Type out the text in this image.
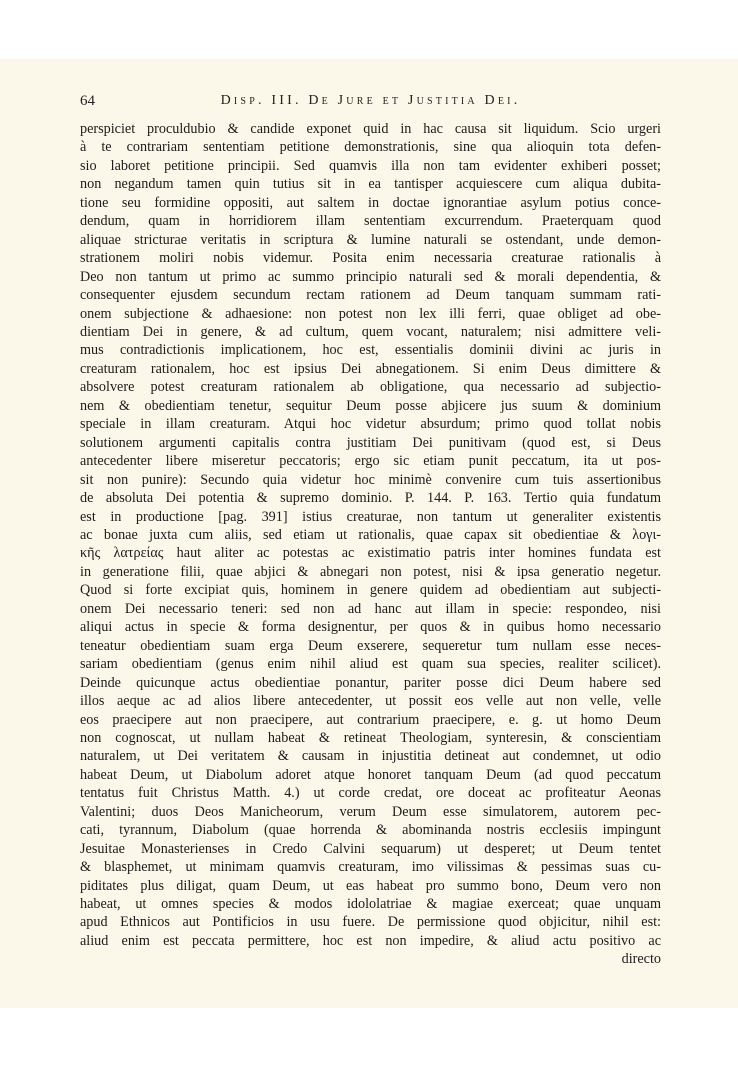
64	Disp. III. De Jure et Justitia Dei.
perspiciet proculdubio & candide exponet quid in hac causa sit liquidum. Scio urgeri
à te contrariam sententiam petitione demonstrationis, sine qua alioquin tota defen-
sio laboret petitione principii. Sed quamvis illa non tam evidenter exhiberi posset;
non negandum tamen quin tutius sit in ea tantisper acquiescere cum aliqua dubita-
tione seu formidine oppositi, aut saltem in doctae ignorantiae asylum potius conce-
dendum, quam in horridiorem illam sententiam excurrendum. Praeterquam quod
aliquae stricturae veritatis in scriptura & lumine naturali se ostendant, unde demon-
strationem moliri nobis videmur. Posita enim necessaria creaturae rationalis à
Deo non tantum ut primo ac summo principio naturali sed & morali dependentia, &
consequenter ejusdem secundum rectam rationem ad Deum tanquam summam rati-
onem subjectione & adhaesione: non potest non lex illi ferri, quae obliget ad obe-
dientiam Dei in genere, & ad cultum, quem vocant, naturalem; nisi admittere veli-
mus contradictionis implicationem, hoc est, essentialis dominii divini ac juris in
creaturam rationalem, hoc est ipsius Dei abnegationem. Si enim Deus dimittere &
absolvere potest creaturam rationalem ab obligatione, qua necessario ad subjectio-
nem & obedientiam tenetur, sequitur Deum posse abjicere jus suum & dominium
speciale in illam creaturam. Atqui hoc videtur absurdum; primo quod tollat nobis
solutionem argumenti capitalis contra justitiam Dei punitivam (quod est, si Deus
antecedenter libere miseretur peccatoris; ergo sic etiam punit peccatum, ita ut pos-
sit non punire): Secundo quia videtur hoc minimè convenire cum tuis assertionibus
de absoluta Dei potentia & supremo dominio. P. 144. P. 163. Tertio quia fundatum
est in productione [pag. 391] istius creaturae, non tantum ut generaliter existentis
ac bonae juxta cum aliis, sed etiam ut rationalis, quae capax sit obedientiae & λογι-
κῆς λατρείας haut aliter ac potestas ac existimatio patris inter homines fundata est
in generatione filii, quae abjici & abnegari non potest, nisi & ipsa generatio negetur.
Quod si forte excipiat quis, hominem in genere quidem ad obedientiam aut subjecti-
onem Dei necessario teneri: sed non ad hanc aut illam in specie: respondeo, nisi
aliqui actus in specie & forma designentur, per quos & in quibus homo necessario
teneatur obedientiam suam erga Deum exserere, sequeretur tum nullam esse neces-
sariam obedientiam (genus enim nihil aliud est quam sua species, realiter scilicet).
Deinde quicunque actus obedientiae ponantur, pariter posse dici Deum habere sed
illos aeque ac ad alios libere antecedenter, ut possit eos velle aut non velle, velle
eos praecipere aut non praecipere, aut contrarium praecipere, e. g. ut homo Deum
non cognoscat, ut nullam habeat & retineat Theologiam, synteresin, & conscientiam
naturalem, ut Dei veritatem & causam in injustitia detineat aut condemnet, ut odio
habeat Deum, ut Diabolum adoret atque honoret tanquam Deum (ad quod peccatum
tentatus fuit Christus Matth. 4.) ut corde credat, ore doceat ac profiteatur Aeonas
Valentini; duos Deos Manicheorum, verum Deum esse simulatorem, autorem pec-
cati, tyrannum, Diabolum (quae horrenda & abominanda nostris ecclesiis impingunt
Jesuitae Monasterienses in Credo Calvini sequarum) ut desperet; ut Deum tentet
& blasphemet, ut minimam quamvis creaturam, imo vilissimas & pessimas suas cu-
piditates plus diligat, quam Deum, ut eas habeat pro summo bono, Deum vero non
habeat, ut omnes species & modos idololatriae & magiae exerceat; quae unquam
apud Ethnicos aut Pontificios in usu fuere. De permissione quod objicitur, nihil est:
aliud enim est peccata permittere, hoc est non impedire, & aliud actu positivo ac
directo
